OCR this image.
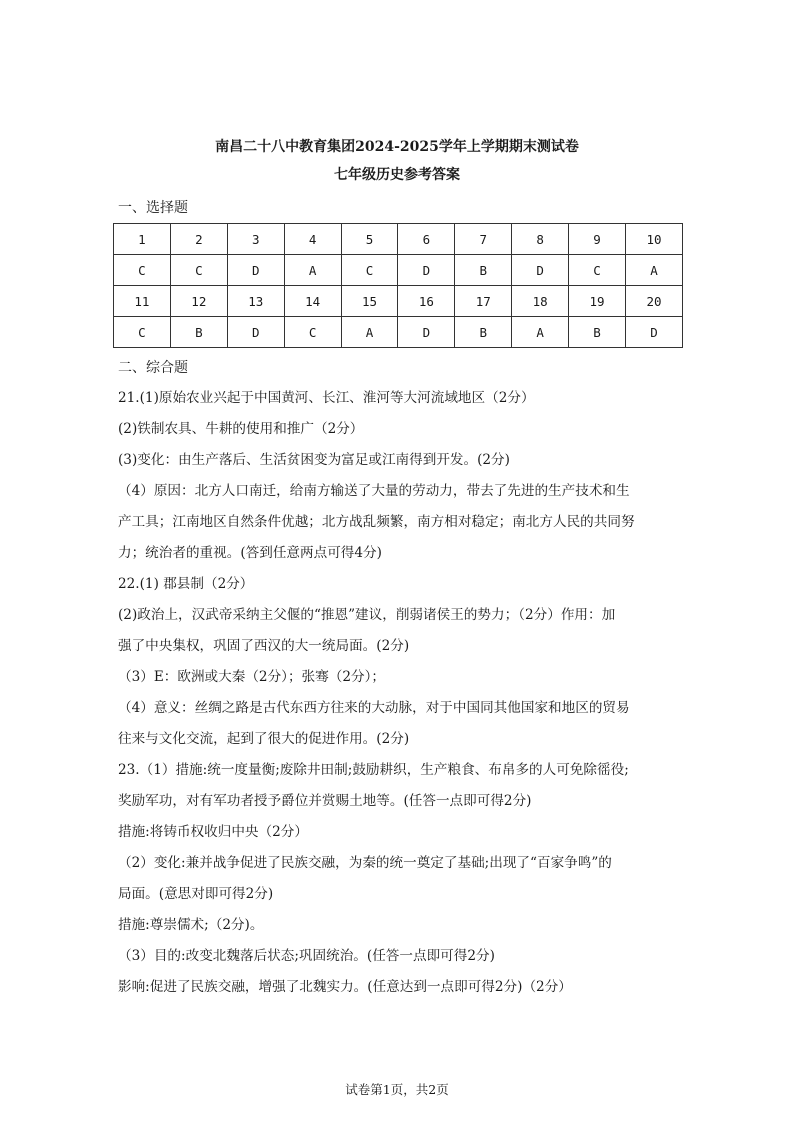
南昌二十八中教育集团2024-2025学年上学期期末测试卷
七年级历史参考答案
一、选择题
1	2	3	4	5	6	7	8	9	10
C	C	D	A	C	D	B	D	C	A
11	12	13	14	15	16	17	18	19	20
C	B	D	C	A	D	B	A	B	D
二、综合题

21.(1)原始农业兴起于中国黄河、长江、淮河等大河流域地区（2分）

(2)铁制农具、牛耕的使用和推广（2分）

(3)变化：由生产落后、生活贫困变为富足或江南得到开发。(2分)

（4）原因：北方人口南迁，给南方输送了大量的劳动力，带去了先进的生产技术和生

产工具；江南地区自然条件优越；北方战乱频繁，南方相对稳定；南北方人民的共同努

力；统治者的重视。(答到任意两点可得4分)

22.(1) 郡县制（2分）

(2)政治上，汉武帝采纳主父偃的“推恩”建议，削弱诸侯王的势力；（2分）作用：加

强了中央集权，巩固了西汉的大一统局面。(2分)

（3）E：欧洲或大秦（2分）；张骞（2分）；

（4）意义：丝绸之路是古代东西方往来的大动脉，对于中国同其他国家和地区的贸易

往来与文化交流，起到了很大的促进作用。(2分)

23.（1）措施:统一度量衡;废除井田制;鼓励耕织，生产粮食、布帛多的人可免除徭役;

奖励军功，对有军功者授予爵位并赏赐土地等。(任答一点即可得2分)

措施:将铸币权收归中央（2分）

（2）变化:兼并战争促进了民族交融，为秦的统一奠定了基础;出现了“百家争鸣”的

局面。(意思对即可得2分)

措施:尊崇儒术;（2分)。

（3）目的:改变北魏落后状态;巩固统治。(任答一点即可得2分)

影响:促进了民族交融，增强了北魏实力。(任意达到一点即可得2分)（2分）

试卷第1页，共2页
